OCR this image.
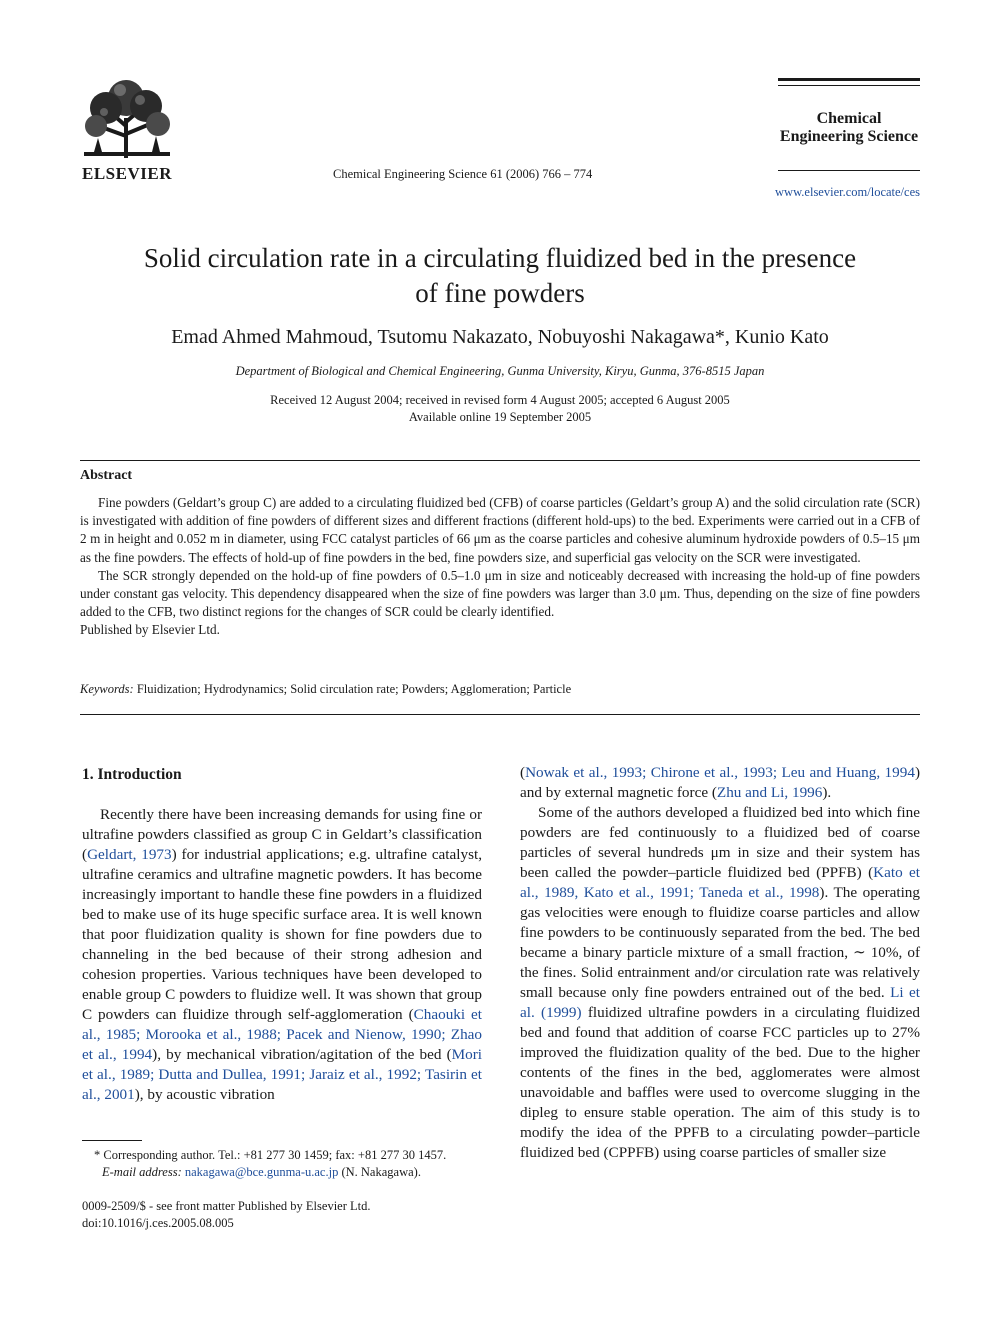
ELSEVIER	Chemical Engineering Science 61 (2006) 766 – 774
Chemical
Engineering Science
www.elsevier.com/locate/ces
Solid circulation rate in a circulating fluidized bed in the presence
of fine powders
Emad Ahmed Mahmoud, Tsutomu Nakazato, Nobuyoshi Nakagawa*, Kunio Kato
Department of Biological and Chemical Engineering, Gunma University, Kiryu, Gunma, 376-8515 Japan
Received 12 August 2004; received in revised form 4 August 2005; accepted 6 August 2005
Available online 19 September 2005
Abstract

Fine powders (Geldart’s group C) are added to a circulating fluidized bed (CFB) of coarse particles (Geldart’s group A) and the solid circulation rate (SCR) is investigated with addition of fine powders of different sizes and different fractions (different hold-ups) to the bed. Experiments were carried out in a CFB of 2 m in height and 0.052 m in diameter, using FCC catalyst particles of 66 μm as the coarse particles and cohesive aluminum hydroxide powders of 0.5–15 μm as the fine powders. The effects of hold-up of fine powders in the bed, fine powders size, and superficial gas velocity on the SCR were investigated.

The SCR strongly depended on the hold-up of fine powders of 0.5–1.0 μm in size and noticeably decreased with increasing the hold-up of fine powders under constant gas velocity. This dependency disappeared when the size of fine powders was larger than 3.0 μm. Thus, depending on the size of fine powders added to the CFB, two distinct regions for the changes of SCR could be clearly identified.

Published by Elsevier Ltd.

Keywords: Fluidization; Hydrodynamics; Solid circulation rate; Powders; Agglomeration; Particle
1. Introduction

Recently there have been increasing demands for using fine or ultrafine powders classified as group C in Geldart’s classification (Geldart, 1973) for industrial applications; e.g. ultrafine catalyst, ultrafine ceramics and ultrafine magnetic powders. It has become increasingly important to handle these fine powders in a fluidized bed to make use of its huge specific surface area. It is well known that poor fluidization quality is shown for fine powders due to channeling in the bed because of their strong adhesion and cohesion properties. Various techniques have been developed to enable group C powders to fluidize well. It was shown that group C powders can fluidize through self-agglomeration (Chaouki et al., 1985; Morooka et al., 1988; Pacek and Nienow, 1990; Zhao et al., 1994), by mechanical vibration/agitation of the bed (Mori et al., 1989; Dutta and Dullea, 1991; Jaraiz et al., 1992; Tasirin et al., 2001), by acoustic vibration

(Nowak et al., 1993; Chirone et al., 1993; Leu and Huang, 1994) and by external magnetic force (Zhu and Li, 1996).

Some of the authors developed a fluidized bed into which fine powders are fed continuously to a fluidized bed of coarse particles of several hundreds μm in size and their system has been called the powder–particle fluidized bed (PPFB) (Kato et al., 1989, Kato et al., 1991; Taneda et al., 1998). The operating gas velocities were enough to fluidize coarse particles and allow fine powders to be continuously separated from the bed. The bed became a binary particle mixture of a small fraction, ∼ 10%, of the fines. Solid entrainment and/or circulation rate was relatively small because only fine powders entrained out of the bed. Li et al. (1999) fluidized ultrafine powders in a circulating fluidized bed and found that addition of coarse FCC particles up to 27% improved the fluidization quality of the bed. Due to the higher contents of the fines in the bed, agglomerates were almost unavoidable and baffles were used to overcome slugging in the dipleg to ensure stable operation. The aim of this study is to modify the idea of the PPFB to a circulating powder–particle fluidized bed (CPPFB) using coarse particles of smaller size

* Corresponding author. Tel.: +81 277 30 1459; fax: +81 277 30 1457.
E-mail address: nakagawa@bce.gunma-u.ac.jp (N. Nakagawa).
0009-2509/$ - see front matter Published by Elsevier Ltd.
doi:10.1016/j.ces.2005.08.005
